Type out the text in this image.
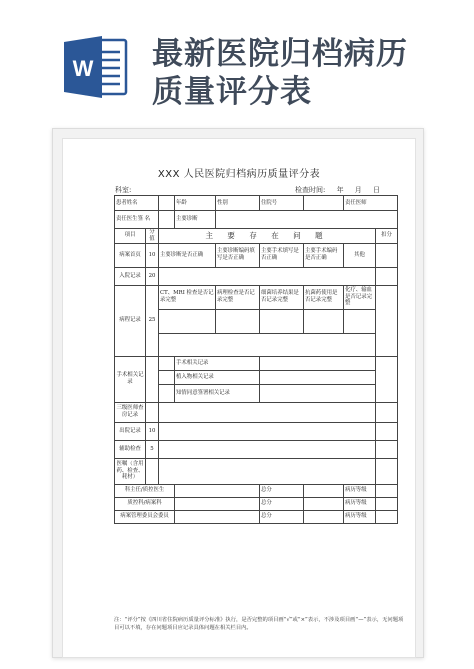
W 最新医院归档病历
质量评分表
XXX 人民医院归档病历质量评分表
科室:	检查时间: 年 月 日
患者姓名			年龄	性别	住院号		责任医师	
责任医生签 名			主要诊断					
项目	分值	主 要 存 在 问 题						扣分
病案首页	10	主要诊断是否正确		主要诊断编码填写是否正确	主要手术填写是否正确	主要手术编码是否正确	其他	
入院记录	20							
病程记录	25	CT、MRI 检查是否记录完整		病理检查是否记录完整	细菌培养结果是否记录完整	抗菌药使用是否记录完整	化疗、输血是否记录完整	

手术相关记录			手术相关记录					
			植入物相关记录					
			知情同意签署相关记录					
三级医师查房记录								
出院记录	10							
辅助检查	5							
医嘱（含用药、检查、耗材）								
科主任/质控医生					总分		病历等级	
质控科/病案科					总分		病历等级	
病案管理委员会委员					总分		病历等级	
注：“评分”按《四川省住院病历质量评分标准》执行，是否完整的项目画“√”或“×”表示，不涉及项目画“—”表示，无问题项目可以不填，存在问题项目应记录具体问题在相关栏目内。
